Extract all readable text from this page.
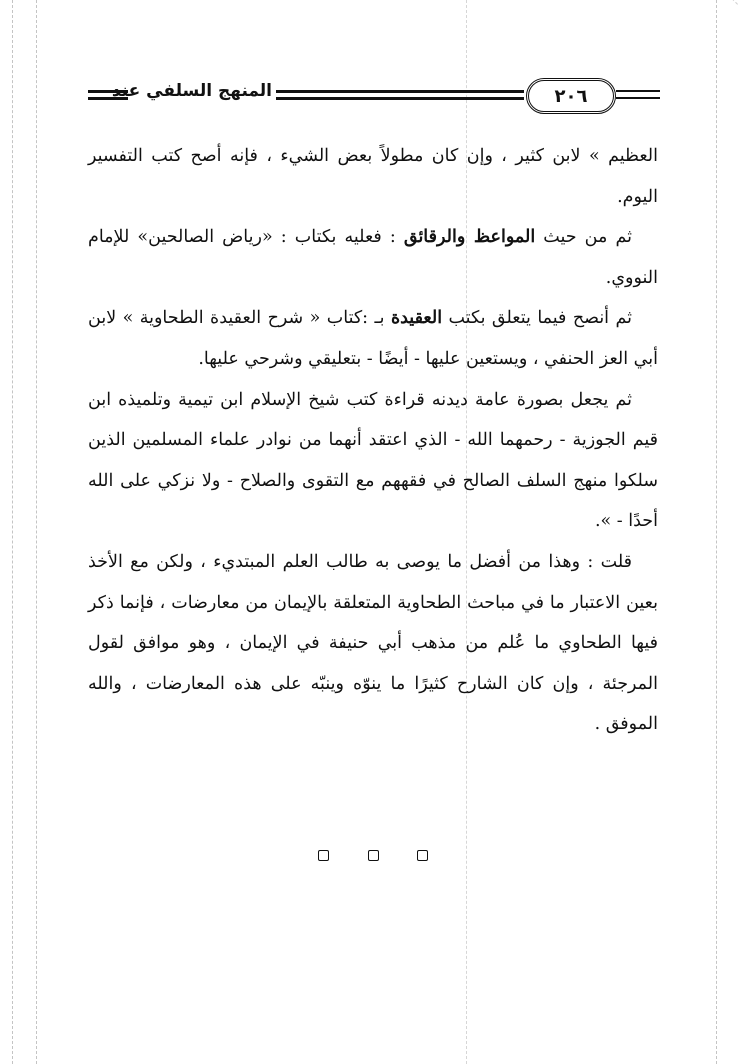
المنهج السلفي عند	٢٠٦

العظيم » لابن كثير ، وإن كان مطولاً بعض الشيء ، فإنه أصح كتب التفسير اليوم.

ثم من حيث المواعظ والرقائق : فعليه بكتاب : «رياض الصالحين» للإمام النووي.

ثم أنصح فيما يتعلق بكتب العقيدة بـ :كتاب « شرح العقيدة الطحاوية » لابن أبي العز الحنفي ، ويستعين عليها - أيضًا - بتعليقي وشرحي عليها.

ثم يجعل بصورة عامة ديدنه قراءة كتب شيخ الإسلام ابن تيمية وتلميذه ابن قيم الجوزية - رحمهما الله - الذي اعتقد أنهما من نوادر علماء المسلمين الذين سلكوا منهج السلف الصالح في فقههم مع التقوى والصلاح - ولا نزكي على الله أحدًا - ».

قلت : وهذا من أفضل ما يوصى به طالب العلم المبتديء ، ولكن مع الأخذ بعين الاعتبار ما في مباحث الطحاوية المتعلقة بالإيمان من معارضات ، فإنما ذكر فيها الطحاوي ما عُلم من مذهب أبي حنيفة في الإيمان ، وهو موافق لقول المرجئة ، وإن كان الشارح كثيرًا ما ينوّه وينبّه على هذه المعارضات ، والله الموفق .
